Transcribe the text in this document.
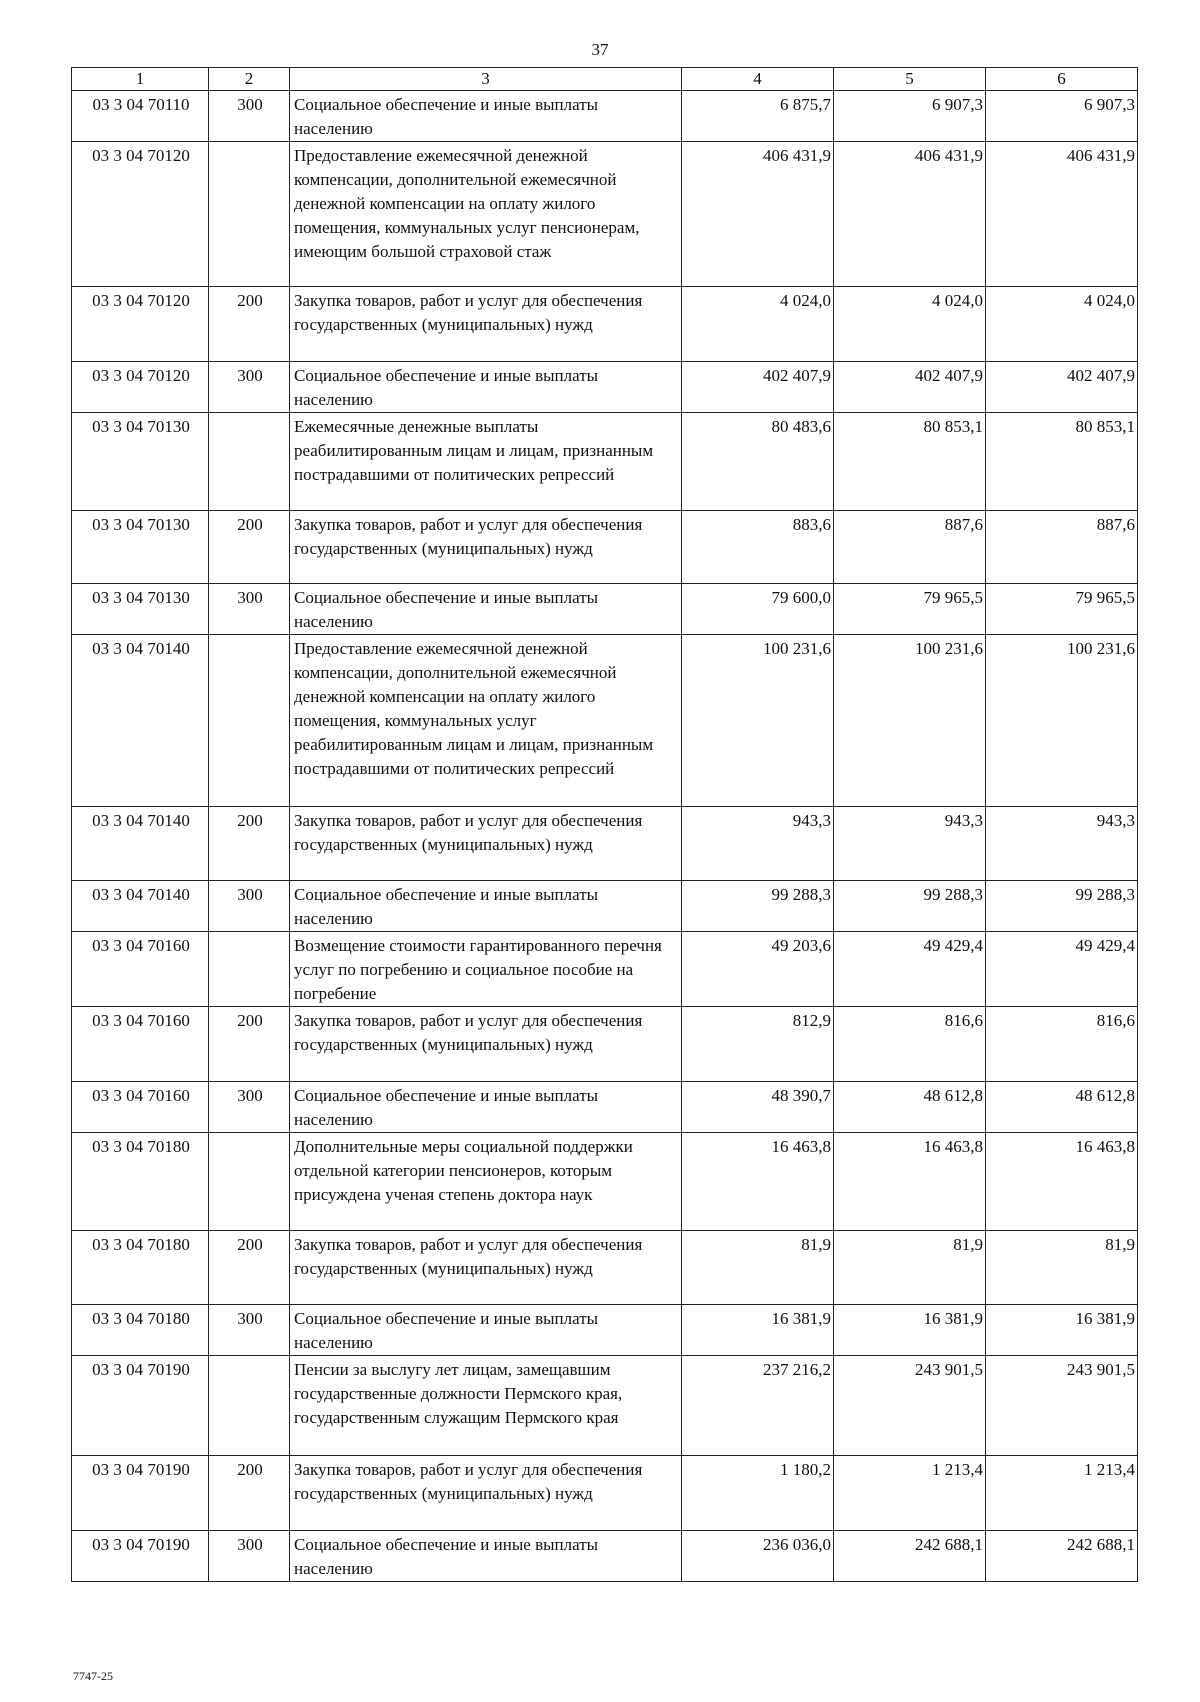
37
1	2	3	4	5	6
03 3 04 70110	300	Социальное обеспечение и иные выплаты населению	6 875,7	6 907,3	6 907,3
03 3 04 70120		Предоставление ежемесячной денежной компенсации, дополнительной ежемесячной денежной компенсации на оплату жилого помещения, коммунальных услуг пенсионерам, имеющим большой страховой стаж	406 431,9	406 431,9	406 431,9
03 3 04 70120	200	Закупка товаров, работ и услуг для обеспечения государственных (муниципальных) нужд	4 024,0	4 024,0	4 024,0
03 3 04 70120	300	Социальное обеспечение и иные выплаты населению	402 407,9	402 407,9	402 407,9
03 3 04 70130		Ежемесячные денежные выплаты реабилитированным лицам и лицам, признанным пострадавшими от политических репрессий	80 483,6	80 853,1	80 853,1
03 3 04 70130	200	Закупка товаров, работ и услуг для обеспечения государственных (муниципальных) нужд	883,6	887,6	887,6
03 3 04 70130	300	Социальное обеспечение и иные выплаты населению	79 600,0	79 965,5	79 965,5
03 3 04 70140		Предоставление ежемесячной денежной компенсации, дополнительной ежемесячной денежной компенсации на оплату жилого помещения, коммунальных услуг реабилитированным лицам и лицам, признанным пострадавшими от политических репрессий	100 231,6	100 231,6	100 231,6
03 3 04 70140	200	Закупка товаров, работ и услуг для обеспечения государственных (муниципальных) нужд	943,3	943,3	943,3
03 3 04 70140	300	Социальное обеспечение и иные выплаты населению	99 288,3	99 288,3	99 288,3
03 3 04 70160		Возмещение стоимости гарантированного перечня услуг по погребению и социальное пособие на погребение	49 203,6	49 429,4	49 429,4
03 3 04 70160	200	Закупка товаров, работ и услуг для обеспечения государственных (муниципальных) нужд	812,9	816,6	816,6
03 3 04 70160	300	Социальное обеспечение и иные выплаты населению	48 390,7	48 612,8	48 612,8
03 3 04 70180		Дополнительные меры социальной поддержки отдельной категории пенсионеров, которым присуждена ученая степень доктора наук	16 463,8	16 463,8	16 463,8
03 3 04 70180	200	Закупка товаров, работ и услуг для обеспечения государственных (муниципальных) нужд	81,9	81,9	81,9
03 3 04 70180	300	Социальное обеспечение и иные выплаты населению	16 381,9	16 381,9	16 381,9
03 3 04 70190		Пенсии за выслугу лет лицам, замещавшим государственные должности Пермского края, государственным служащим Пермского края	237 216,2	243 901,5	243 901,5
03 3 04 70190	200	Закупка товаров, работ и услуг для обеспечения государственных (муниципальных) нужд	1 180,2	1 213,4	1 213,4
03 3 04 70190	300	Социальное обеспечение и иные выплаты населению	236 036,0	242 688,1	242 688,1
7747-25
